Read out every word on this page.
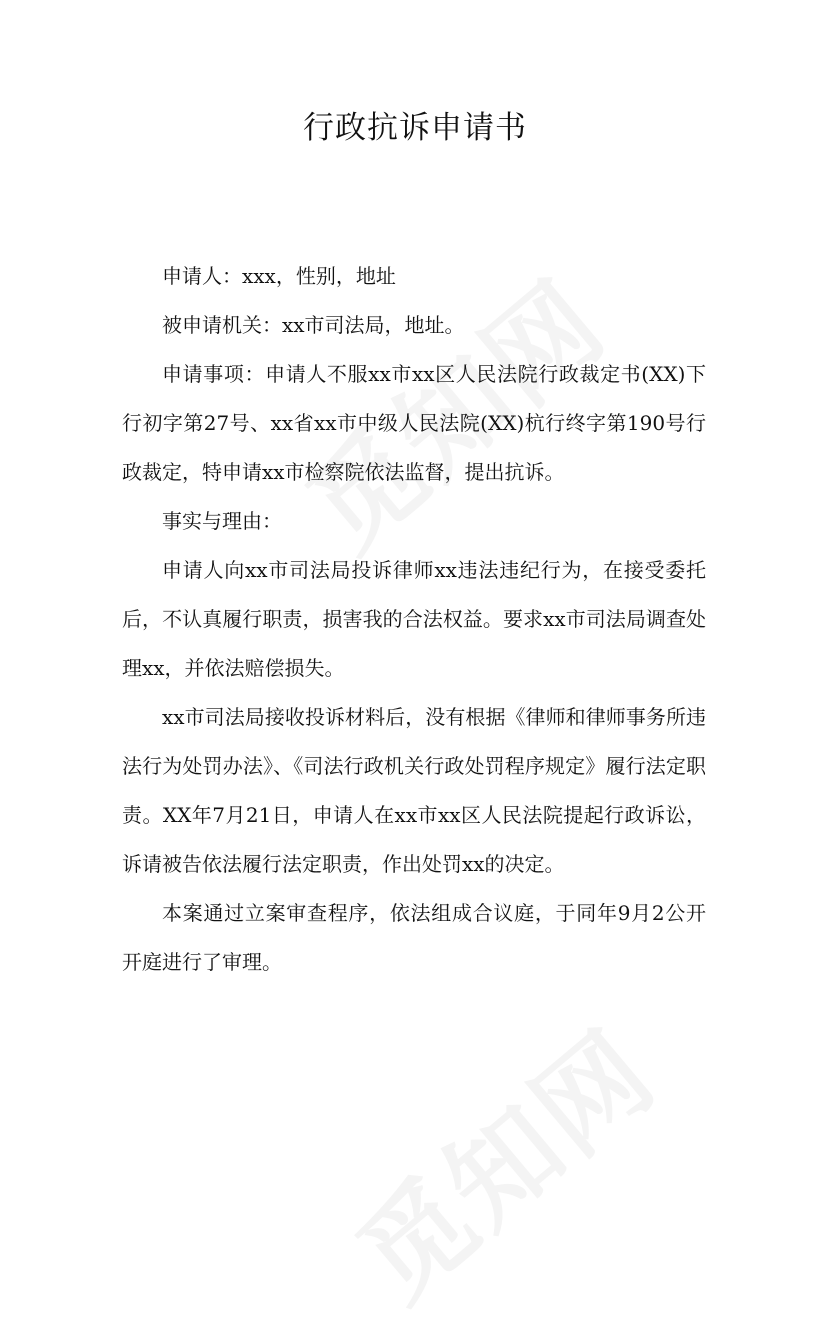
行政抗诉申请书

申请人：xxx，性别，地址

被申请机关：xx市司法局，地址。

申请事项：申请人不服xx市xx区人民法院行政裁定书(XX)下行初字第27号、xx省xx市中级人民法院(XX)杭行终字第190号行政裁定，特申请xx市检察院依法监督，提出抗诉。

事实与理由：

申请人向xx市司法局投诉律师xx违法违纪行为，在接受委托后，不认真履行职责，损害我的合法权益。要求xx市司法局调查处理xx，并依法赔偿损失。

xx市司法局接收投诉材料后，没有根据《律师和律师事务所违法行为处罚办法》、《司法行政机关行政处罚程序规定》履行法定职责。XX年7月21日，申请人在xx市xx区人民法院提起行政诉讼，诉请被告依法履行法定职责，作出处罚xx的决定。

本案通过立案审查程序，依法组成合议庭，于同年9月2公开开庭进行了审理。
